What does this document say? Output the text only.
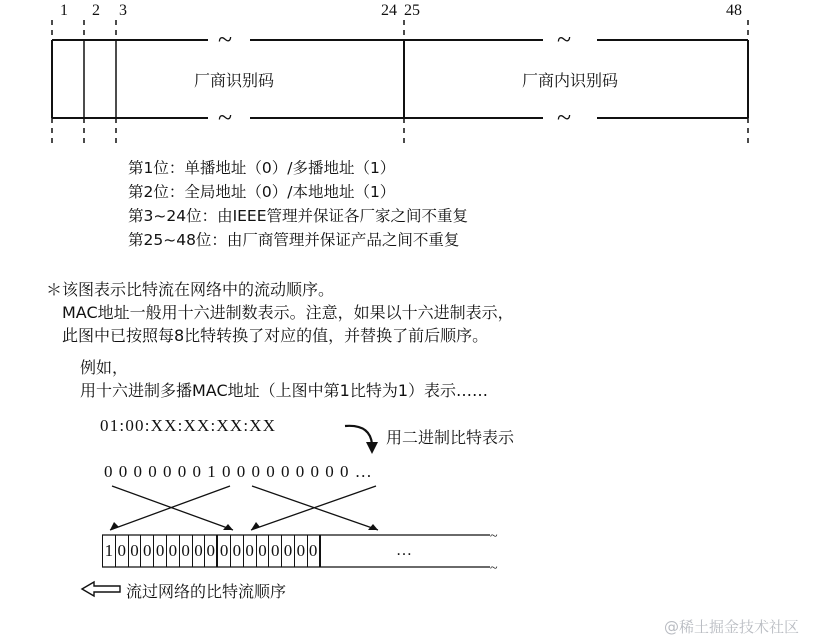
~
~
~	~
~	~
1 2 3	24 25	48
厂商识别码	厂商内识别码
第1位：单播地址（0）/多播地址（1）
第2位：全局地址（0）/本地地址（1）
第3~24位：由IEEE管理并保证各厂家之间不重复
第25~48位：由厂商管理并保证产品之间不重复
＊该图表示比特流在网络中的流动顺序。
MAC地址一般用十六进制数表示。注意，如果以十六进制表示，
此图中已按照每8比特转换了对应的值，并替换了前后顺序。
例如，
用十六进制多播MAC地址（上图中第1比特为1）表示……
01:00:XX:XX:XX:XX
用二进制比特表示
0 0 0 0 0 0 0 1 0 0 0 0 0 0 0 0 0 …
1 0 0 0 0 0 0 0 0 0 0 0 0 0 0 0 0	…
流过网络的比特流顺序
@稀土掘金技术社区
